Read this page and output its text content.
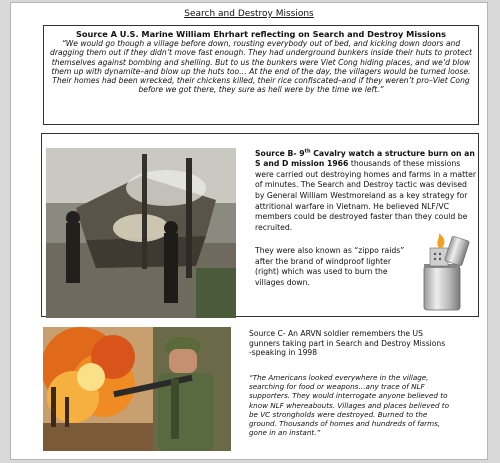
Search and Destroy Missions
Source A U.S. Marine William Ehrhart reflecting on Search and Destroy Missions
“We would go though a village before down, rousting everybody out of bed, and kicking down doors and dragging them out if they didn’t move fast enough. They had underground bunkers inside their huts to protect themselves against bombing and shelling. But to us the bunkers were Viet Cong hiding places, and we’d blow them up with dynamite–and blow up the huts too… At the end of the day, the villagers would be turned loose. Their homes had been wrecked, their chickens killed, their rice confiscated–and if they weren’t pro–Viet Cong before we got there, they sure as hell were by the time we left.”
Source B- 9th Cavalry watch a structure burn on an S and D mission 1966 thousands of these missions were carried out destroying homes and farms in a matter of minutes. The Search and Destroy tactic was devised by General William Westmoreland as a key strategy for attritional warfare in Vietnam. He believed NLF/VC members could be destroyed faster than they could be recruited.
They were also known as “zippo raids” after the brand of windproof lighter (right) which was used to burn the villages down.
Source C- An ARVN soldier remembers the US gunners taking part in Search and Destroy Missions -speaking in 1998
“The Americans looked everywhere in the village, searching for food or weapons…any trace of NLF supporters. They would interrogate anyone believed to know NLF whereabouts. Villages and places believed to be VC strongholds were destroyed. Burned to the ground. Thousands of homes and hundreds of farms, gone in an instant.”
